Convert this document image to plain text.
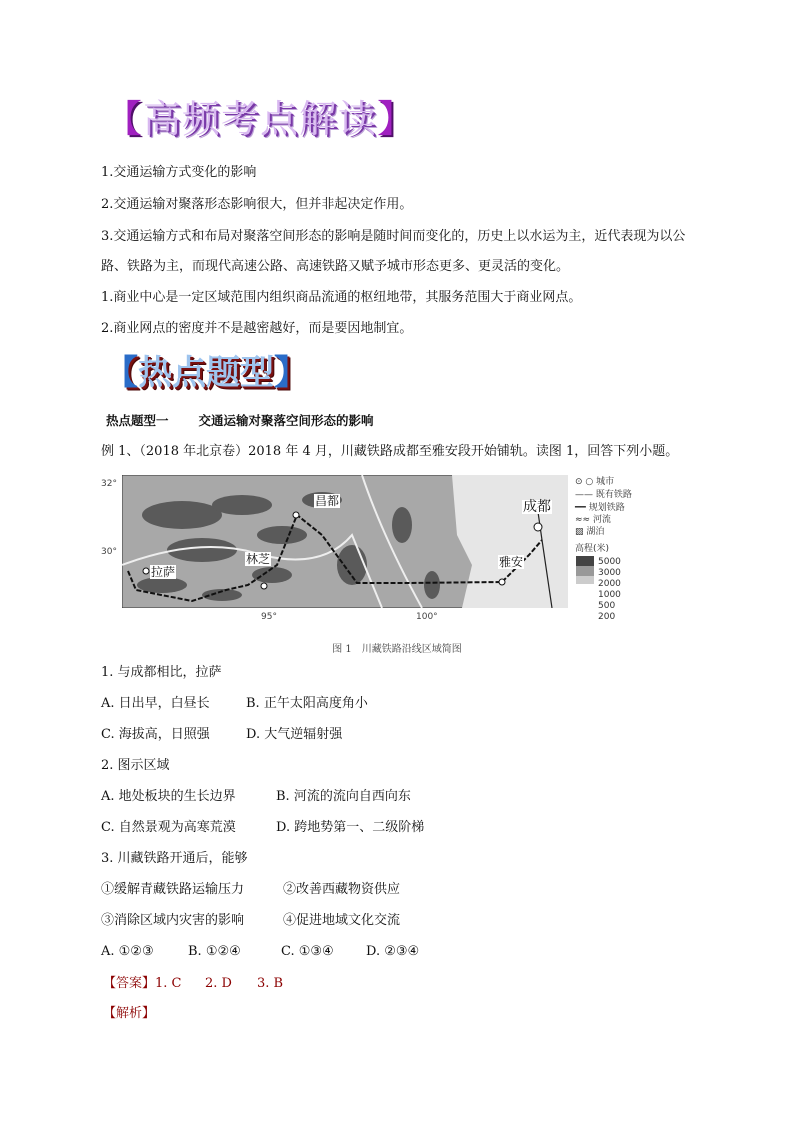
【高频考点解读】
1.交通运输方式变化的影响
2.交通运输对聚落形态影响很大，但并非起决定作用。
3.交通运输方式和布局对聚落空间形态的影响是随时间而变化的，历史上以水运为主，近代表现为以公
路、铁路为主，而现代高速公路、高速铁路又赋予城市形态更多、更灵活的变化。
1.商业中心是一定区域范围内组织商品流通的枢纽地带，其服务范围大于商业网点。
2.商业网点的密度并不是越密越好，而是要因地制宜。
【热点题型】
热点题型一 交通运输对聚落空间形态的影响
例 1、（2018 年北京卷）2018 年 4 月，川藏铁路成都至雅安段开始铺轨。读图 1，回答下列小题。
拉萨
林芝
昌都
雅安
成都
32°
30°
95°	100°
⊙ ○ 城市
—— 既有铁路
━━ 规划铁路
≈≈ 河流
▨ 湖泊
高程(米)
5000
3000
2000
1000
500
200
图 1　川藏铁路沿线区域简图
1. 与成都相比，拉萨
A. 日出早，白昼长	B. 正午太阳高度角小
C. 海拔高，日照强	D. 大气逆辐射强
2. 图示区域
A. 地处板块的生长边界	B. 河流的流向自西向东
C. 自然景观为高寒荒漠	D. 跨地势第一、二级阶梯
3. 川藏铁路开通后，能够
①缓解青藏铁路运输压力	②改善西藏物资供应
③消除区域内灾害的影响	④促进地域文化交流
A. ①②③	B. ①②④	C. ①③④ D. ②③④
【答案】1. C 2. D 3. B
【解析】
